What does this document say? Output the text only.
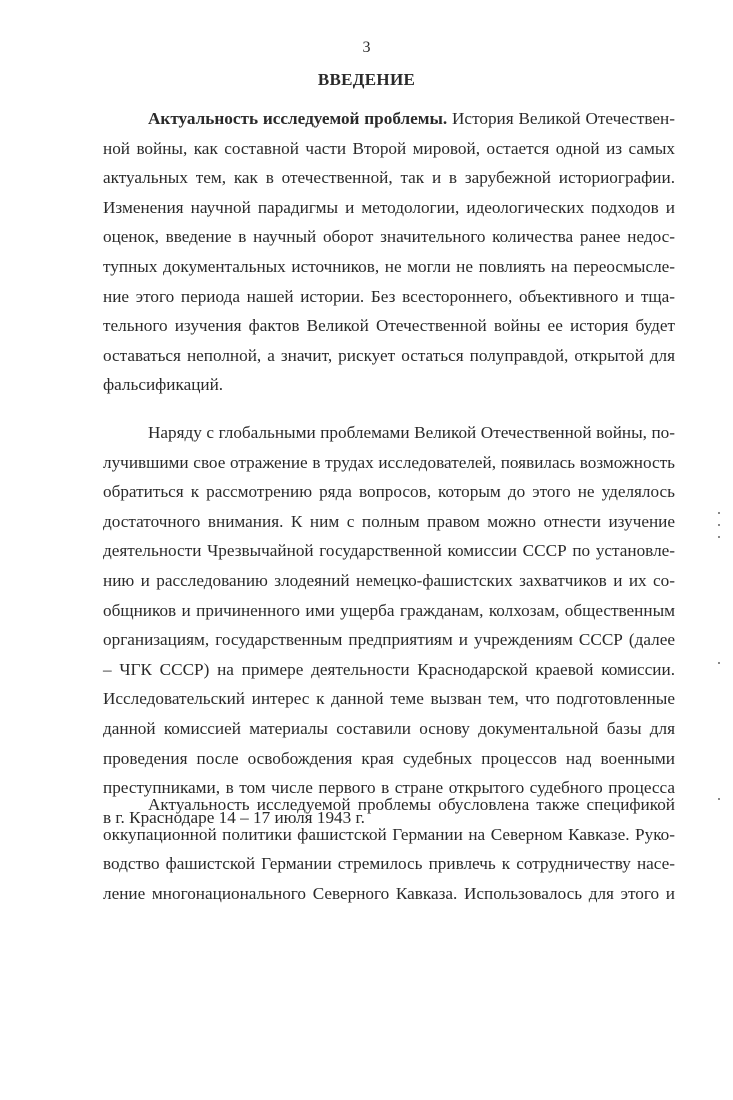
3
ВВЕДЕНИЕ
Актуальность исследуемой проблемы. История Великой Отечествен-
ной войны, как составной части Второй мировой, остается одной из самых
актуальных тем, как в отечественной, так и в зарубежной историографии.
Изменения научной парадигмы и методологии, идеологических подходов и
оценок, введение в научный оборот значительного количества ранее недос-
тупных документальных источников, не могли не повлиять на переосмысле-
ние этого периода нашей истории. Без всестороннего, объективного и тща-
тельного изучения фактов Великой Отечественной войны ее история будет
оставаться неполной, а значит, рискует остаться полуправдой, открытой для
фальсификаций.
Наряду с глобальными проблемами Великой Отечественной войны, по-
лучившими свое отражение в трудах исследователей, появилась возможность
обратиться к рассмотрению ряда вопросов, которым до этого не уделялось
достаточного внимания. К ним с полным правом можно отнести изучение
деятельности Чрезвычайной государственной комиссии СССР по установле-
нию и расследованию злодеяний немецко-фашистских захватчиков и их со-
общников и причиненного ими ущерба гражданам, колхозам, общественным
организациям, государственным предприятиям и учреждениям СССР (далее
– ЧГК СССР) на примере деятельности Краснодарской краевой комиссии.
Исследовательский интерес к данной теме вызван тем, что подготовленные
данной комиссией материалы составили основу документальной базы для
проведения после освобождения края судебных процессов над военными
преступниками, в том числе первого в стране открытого судебного процесса
в г. Краснодаре 14 – 17 июля 1943 г.
Актуальность исследуемой проблемы обусловлена также спецификой
оккупационной политики фашистской Германии на Северном Кавказе. Руко-
водство фашистской Германии стремилось привлечь к сотрудничеству насе-
ление многонационального Северного Кавказа. Использовалось для этого и
